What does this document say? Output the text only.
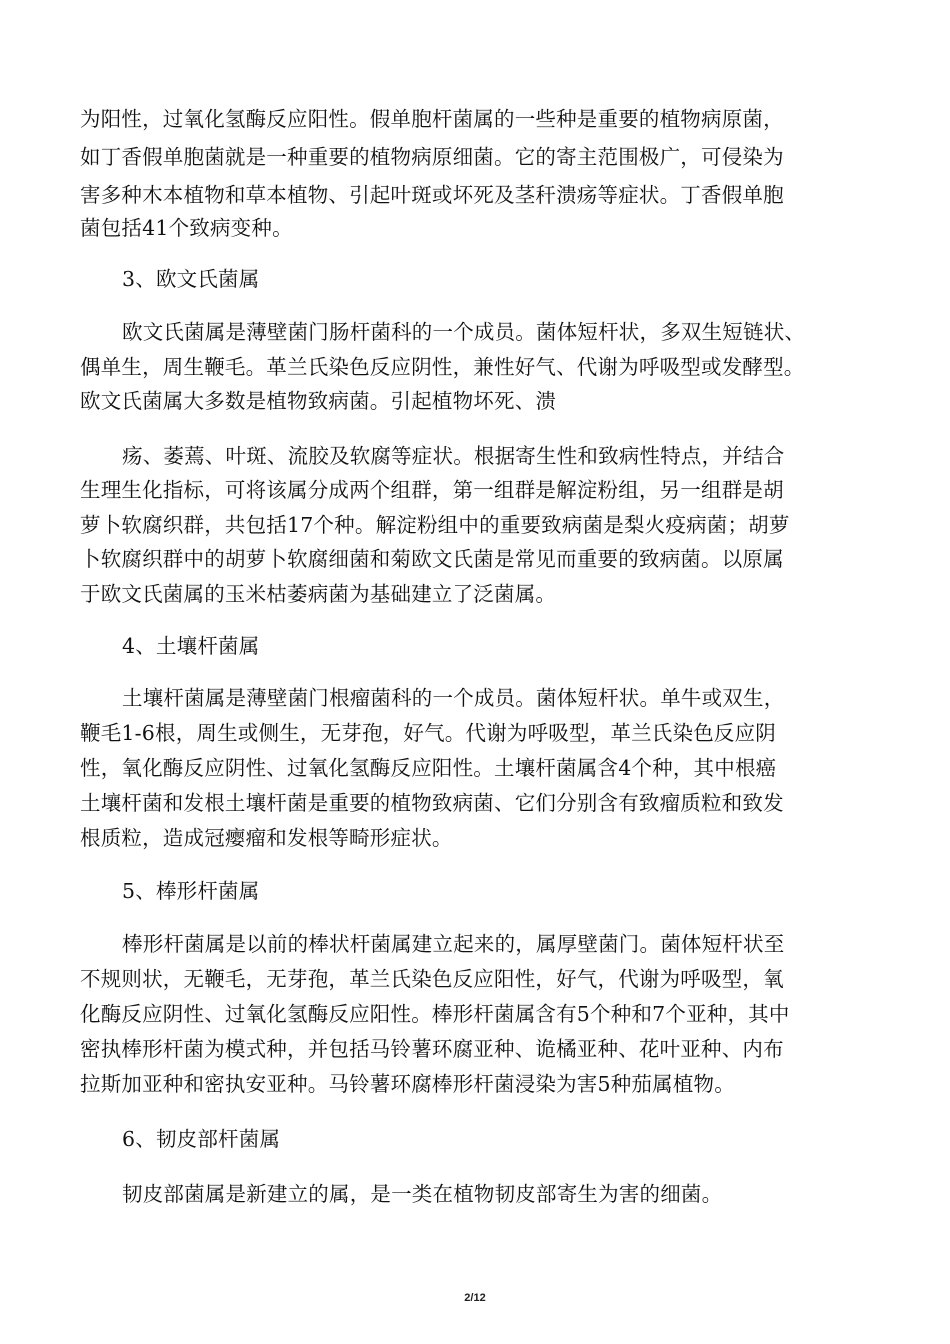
为阳性，过氧化氢酶反应阳性。假单胞杆菌属的一些种是重要的植物病原菌，
如丁香假单胞菌就是一种重要的植物病原细菌。它的寄主范围极广，可侵染为
害多种木本植物和草本植物、引起叶斑或坏死及茎秆溃疡等症状。丁香假单胞
菌包括41个致病变种。
3、欧文氏菌属
欧文氏菌属是薄壁菌门肠杆菌科的一个成员。菌体短杆状，多双生短链状、
偶单生，周生鞭毛。革兰氏染色反应阴性，兼性好气、代谢为呼吸型或发酵型。
欧文氏菌属大多数是植物致病菌。引起植物坏死、溃
疡、萎蔫、叶斑、流胶及软腐等症状。根据寄生性和致病性特点，并结合
生理生化指标，可将该属分成两个组群，第一组群是解淀粉组，另一组群是胡
萝卜软腐织群，共包括17个种。解淀粉组中的重要致病菌是梨火疫病菌；胡萝
卜软腐织群中的胡萝卜软腐细菌和菊欧文氏菌是常见而重要的致病菌。以原属
于欧文氏菌属的玉米枯萎病菌为基础建立了泛菌属。
4、土壤杆菌属
土壤杆菌属是薄壁菌门根瘤菌科的一个成员。菌体短杆状。单牛或双生，
鞭毛1-6根，周生或侧生，无芽孢，好气。代谢为呼吸型，革兰氏染色反应阴
性，氧化酶反应阴性、过氧化氢酶反应阳性。土壤杆菌属含4个种，其中根癌
土壤杆菌和发根土壤杆菌是重要的植物致病菌、它们分别含有致瘤质粒和致发
根质粒，造成冠瘿瘤和发根等畸形症状。
5、棒形杆菌属
棒形杆菌属是以前的棒状杆菌属建立起来的，属厚壁菌门。菌体短杆状至
不规则状，无鞭毛，无芽孢，革兰氏染色反应阳性，好气，代谢为呼吸型，氧
化酶反应阴性、过氧化氢酶反应阳性。棒形杆菌属含有5个种和7个亚种，其中
密执棒形杆菌为模式种，并包括马铃薯环腐亚种、诡橘亚种、花叶亚种、内布
拉斯加亚种和密执安亚种。马铃薯环腐棒形杆菌浸染为害5种茄属植物。
6、韧皮部杆菌属
韧皮部菌属是新建立的属，是一类在植物韧皮部寄生为害的细菌。
2/12
